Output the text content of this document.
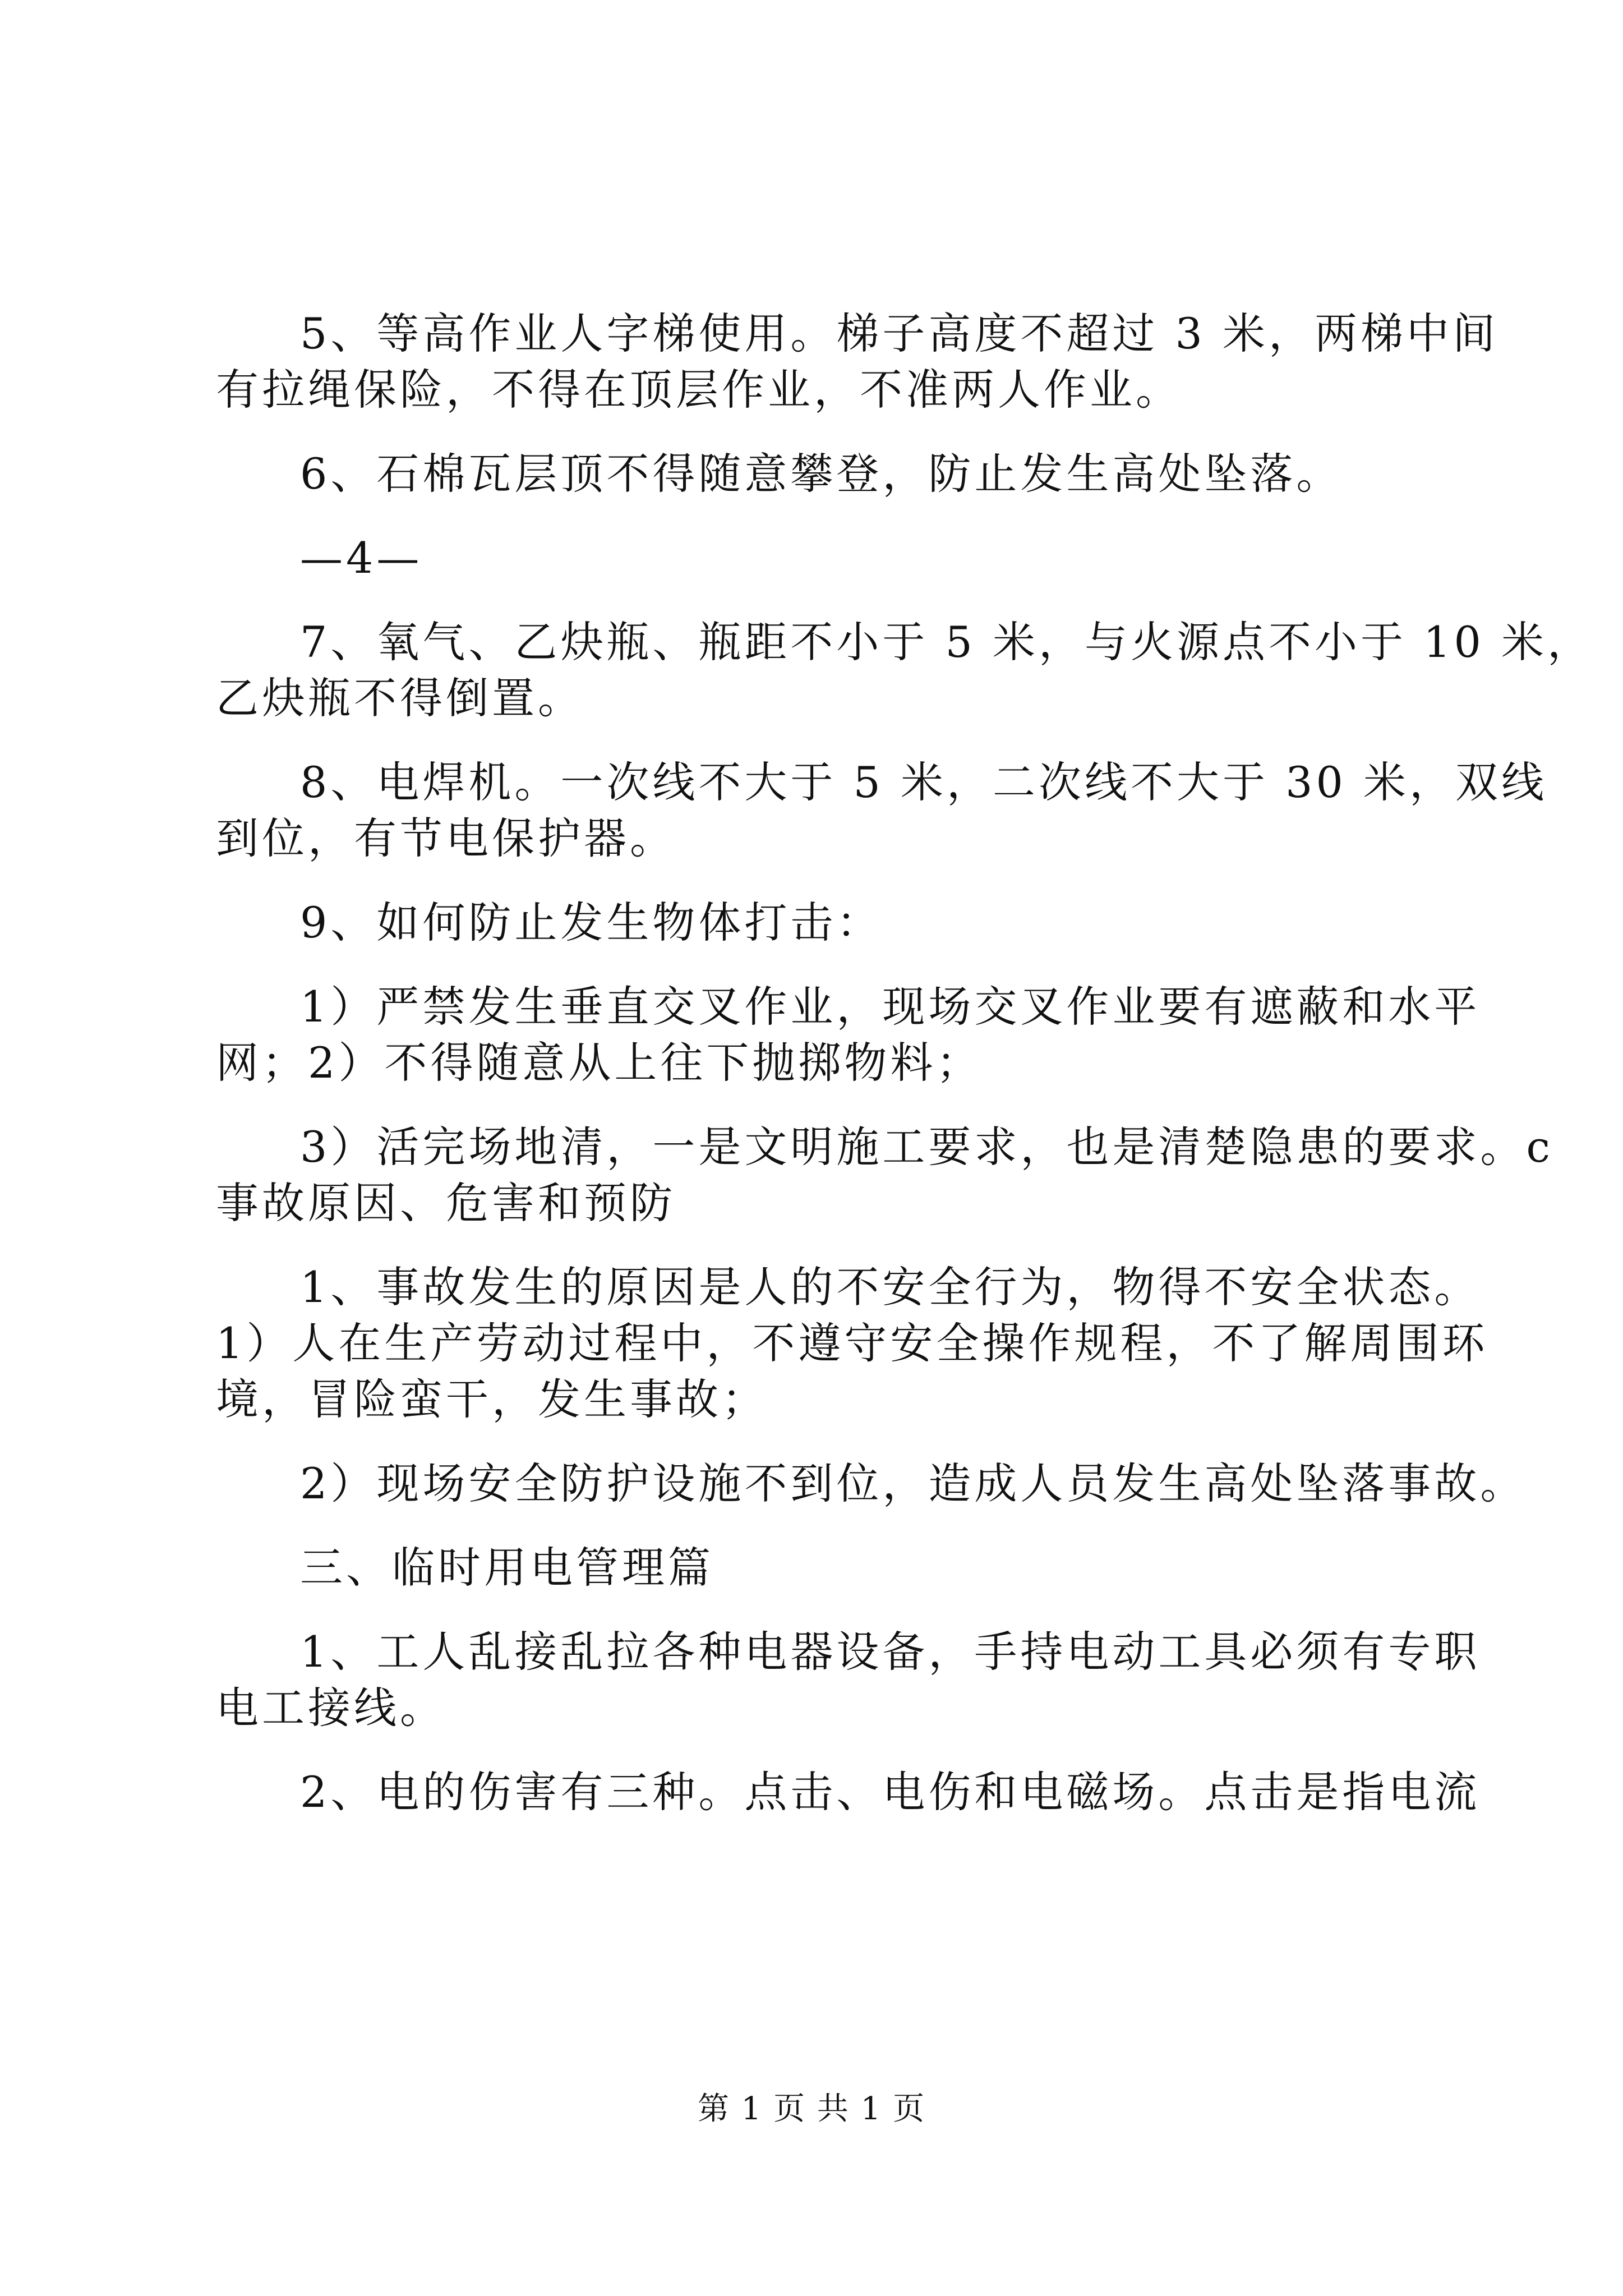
5、等高作业人字梯使用。梯子高度不超过 3 米，两梯中间

有拉绳保险，不得在顶层作业，不准两人作业。

6、石棉瓦层顶不得随意攀登，防止发生高处坠落。

—4—

7、氧气、乙炔瓶、瓶距不小于 5 米，与火源点不小于 10 米，

乙炔瓶不得倒置。

8、电焊机。一次线不大于 5 米，二次线不大于 30 米，双线

到位，有节电保护器。

9、如何防止发生物体打击：

1）严禁发生垂直交叉作业，现场交叉作业要有遮蔽和水平

网；2）不得随意从上往下抛掷物料；

3）活完场地清，一是文明施工要求，也是清楚隐患的要求。c

事故原因、危害和预防

1、事故发生的原因是人的不安全行为，物得不安全状态。

1）人在生产劳动过程中，不遵守安全操作规程，不了解周围环

境，冒险蛮干，发生事故；

2）现场安全防护设施不到位，造成人员发生高处坠落事故。

三、临时用电管理篇

1、工人乱接乱拉各种电器设备，手持电动工具必须有专职

电工接线。

2、电的伤害有三种。点击、电伤和电磁场。点击是指电流

第 1 页 共 1 页
